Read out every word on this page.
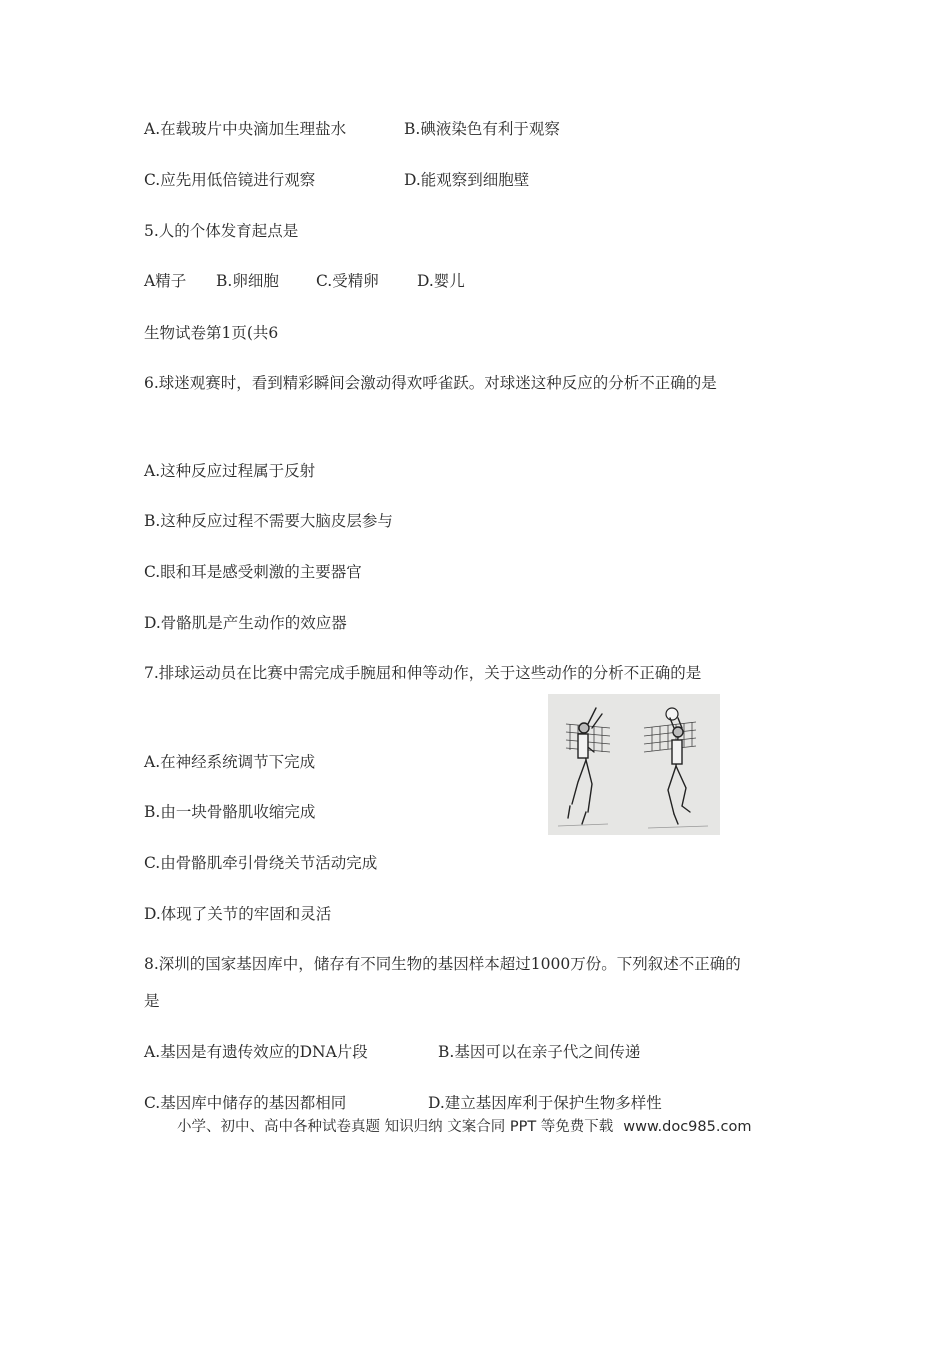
A.在载玻片中央滴加生理盐水	B.碘液染色有利于观察
C.应先用低倍镜进行观察	D.能观察到细胞壁
5.人的个体发育起点是
A精子 B.卵细胞 C.受精卵 D.婴儿
生物试卷第1页(共6
6.球迷观赛时，看到精彩瞬间会激动得欢呼雀跃。对球迷这种反应的分析不正确的是
A.这种反应过程属于反射
B.这种反应过程不需要大脑皮层参与
C.眼和耳是感受刺激的主要器官
D.骨骼肌是产生动作的效应器
7.排球运动员在比赛中需完成手腕屈和伸等动作，关于这些动作的分析不正确的是
A.在神经系统调节下完成
B.由一块骨骼肌收缩完成
C.由骨骼肌牵引骨绕关节活动完成
D.体现了关节的牢固和灵活
8.深圳的国家基因库中，储存有不同生物的基因样本超过1000万份。下列叙述不正确的
是
A.基因是有遗传效应的DNA片段	B.基因可以在亲子代之间传递
C.基因库中储存的基因都相同	D.建立基因库利于保护生物多样性
小学、初中、高中各种试卷真题 知识归纳 文案合同 PPT 等免费下载 www.doc985.com
